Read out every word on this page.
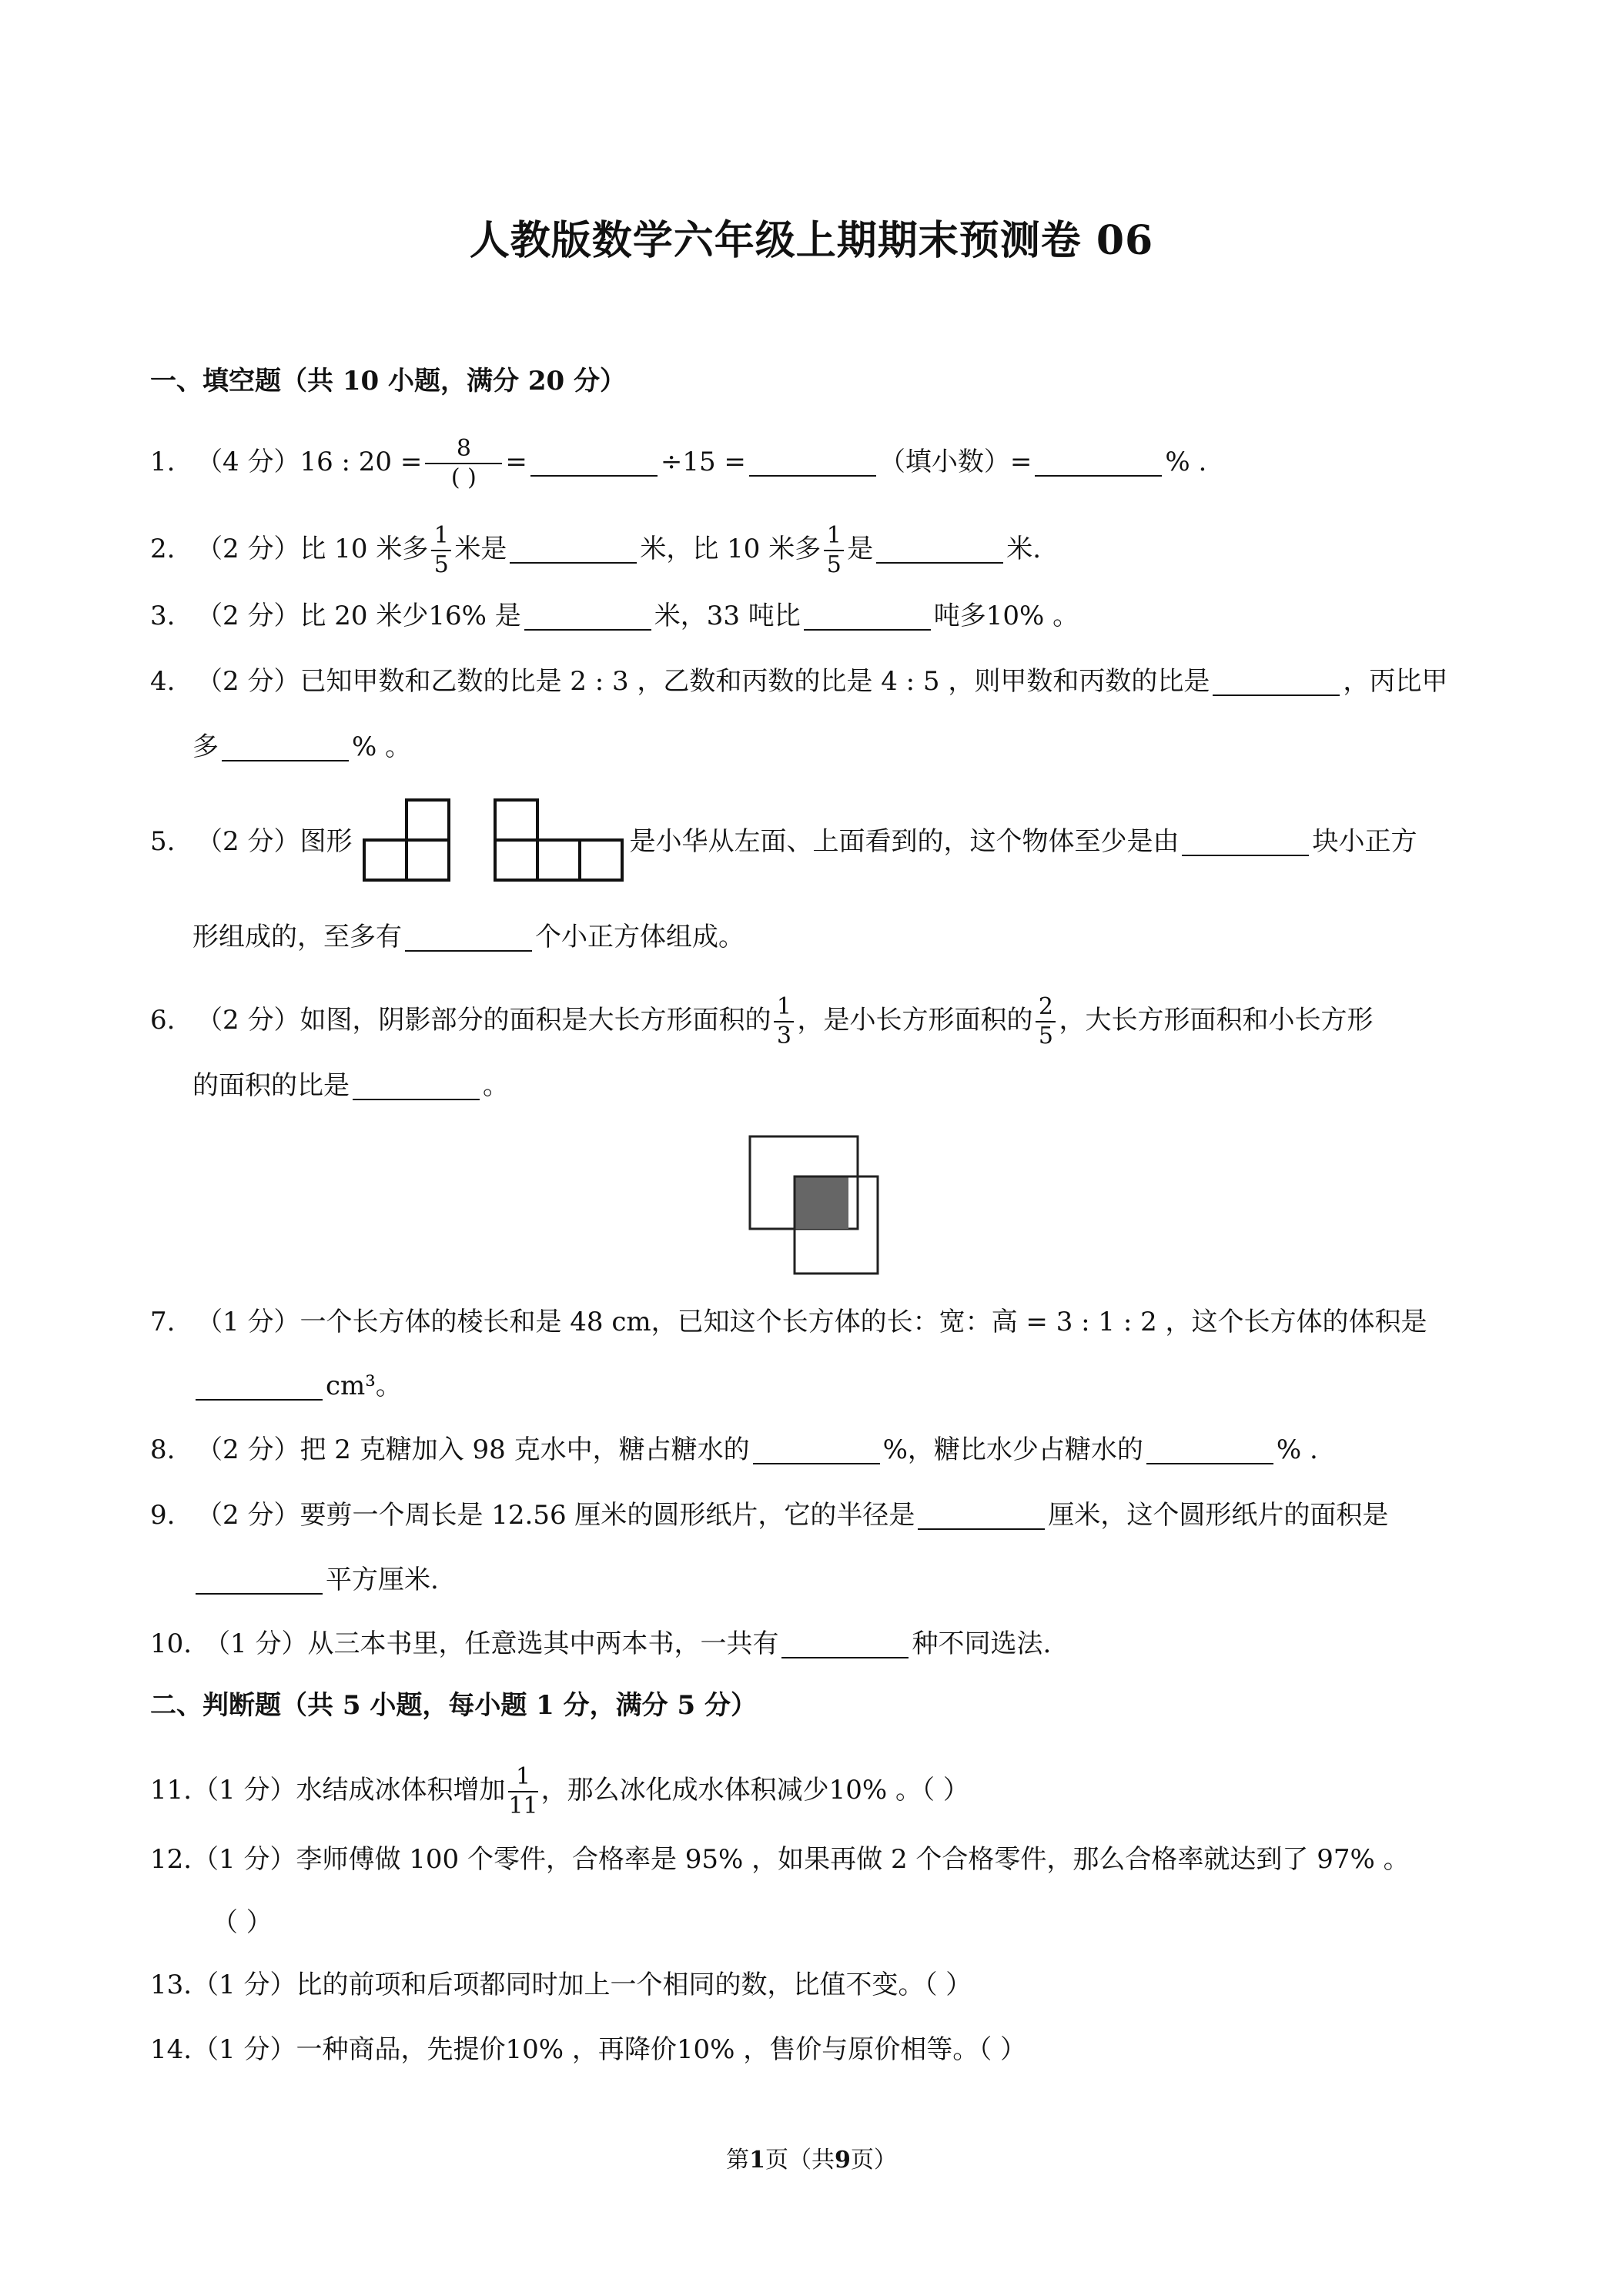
人教版数学六年级上期期末预测卷 06
一、填空题（共 10 小题，满分 20 分）
1. （4 分）16 : $20 = \frac{8}{( )}$ =	÷15 =	（填小数）=	% .
2. （2 分）比 10 米多 $\frac{1}{5}$ 米是	米，比 10 米多 $\frac{1}{5}$ 是	米.
3. （2 分）比 20 米少16% 是	米，33 吨比	吨多10% 。
4. （2 分）已知甲数和乙数的比是 2 : 3 ，乙数和丙数的比是 4 : 5 ，则甲数和丙数的比是	，丙比甲
多	% 。
5. （2 分）图形	是小华从左面、上面看到的，这个物体至少是由	块小正方
形组成的，至多有	个小正方体组成。
6. （2 分）如图，阴影部分的面积是大长方形面积的 $\frac{1}{3}$ ，是小长方形面积的 $\frac{2}{5}$ ，大长方形面积和小长方形
的面积的比是	。
7. （1 分）一个长方体的棱长和是 48 cm，已知这个长方体的长：宽：高 = 3 : 1 : 2 ，这个长方体的体积是
cm³。
8. （2 分）把 2 克糖加入 98 克水中，糖占糖水的	%，糖比水少占糖水的	% .
9. （2 分）要剪一个周长是 12.56 厘米的圆形纸片，它的半径是	厘米，这个圆形纸片的面积是
平方厘米.
10. （1 分）从三本书里，任意选其中两本书，一共有	种不同选法.
二、判断题（共 5 小题，每小题 1 分，满分 5 分）
11.（1 分）水结成冰体积增加 $\frac{1}{11}$ ，那么冰化成水体积减少10% 。（ ）
12.（1 分）李师傅做 100 个零件，合格率是 95% ，如果再做 2 个合格零件，那么合格率就达到了 97% 。
（ ）
13.（1 分）比的前项和后项都同时加上一个相同的数，比值不变。（ ）
14.（1 分）一种商品，先提价10% ，再降价10% ，售价与原价相等。（ ）
第1页（共9页）
